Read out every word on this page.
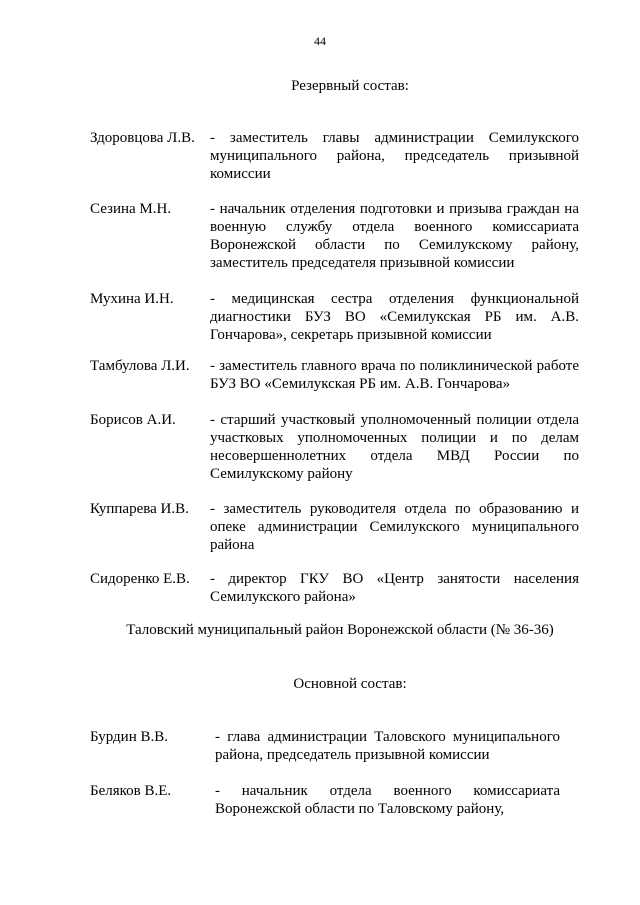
44
Резервный состав:
Здоровцова Л.В. - заместитель главы администрации Семилукского муниципального района, председатель призывной комиссии
Сезина М.Н.	- начальник отделения подготовки и призыва граждан на военную службу отдела военного комиссариата Воронежской области по Семилукскому району, заместитель председателя призывной комиссии
Мухина И.Н. - медицинская сестра отделения функциональной диагностики БУЗ ВО «Семилукская РБ им. А.В. Гончарова», секретарь призывной комиссии
Тамбулова Л.И. - заместитель главного врача по поликлинической работе БУЗ ВО «Семилукская РБ им. А.В. Гончарова»
Борисов А.И. - старший участковый уполномоченный полиции отдела участковых уполномоченных полиции и по делам несовершеннолетних отдела МВД России по Семилукскому району
Куппарева И.В. - заместитель руководителя отдела по образованию и опеке администрации Семилукского муниципального района
Сидоренко Е.В. - директор ГКУ ВО «Центр занятости населения Семилукского района»
Таловский муниципальный район Воронежской области (№ 36-36)
Основной состав:
Бурдин В.В.	- глава администрации Таловского муниципального района, председатель призывной комиссии
Беляков В.Е.	- начальник отдела военного комиссариата Воронежской области по Таловскому району,
